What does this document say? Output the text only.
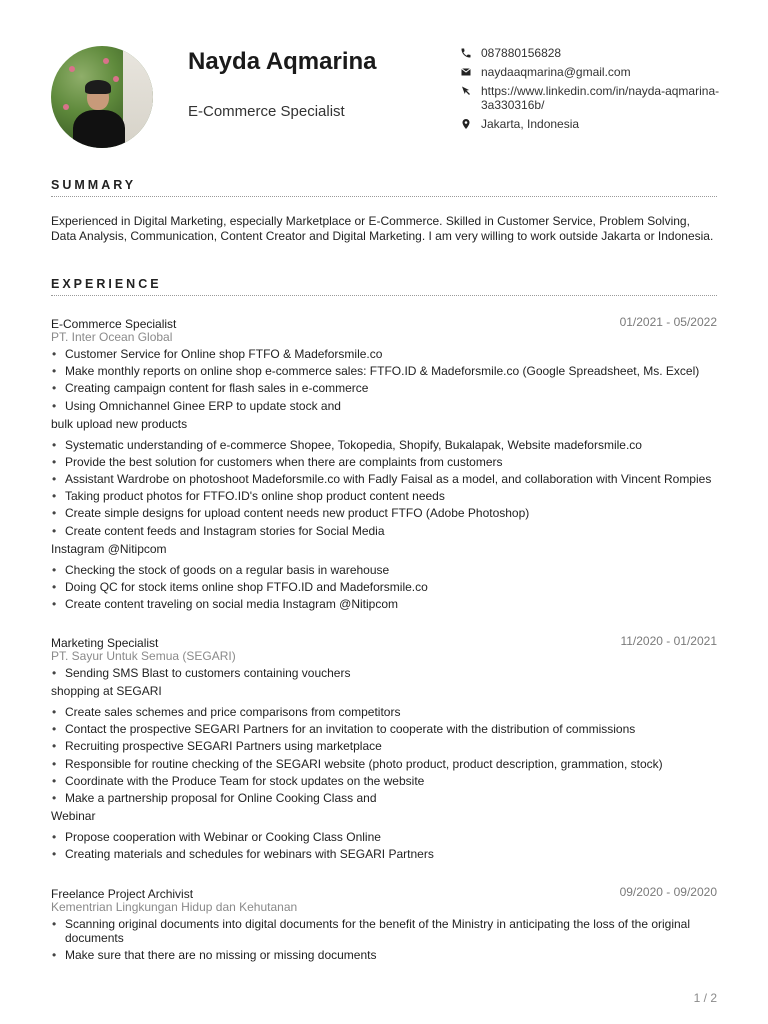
Nayda Aqmarina
E-Commerce Specialist
087880156828
naydaaqmarina@gmail.com
https://www.linkedin.com/in/nayda-aqmarina-3a330316b/
Jakarta, Indonesia
SUMMARY
Experienced in Digital Marketing, especially Marketplace or E-Commerce. Skilled in Customer Service, Problem Solving, Data Analysis, Communication, Content Creator and Digital Marketing. I am very willing to work outside Jakarta or Indonesia.
EXPERIENCE
E-Commerce Specialist	01/2021 - 05/2022
PT. Inter Ocean Global
• Customer Service for Online shop FTFO & Madeforsmile.co
• Make monthly reports on online shop e-commerce sales: FTFO.ID & Madeforsmile.co (Google Spreadsheet, Ms. Excel)
• Creating campaign content for flash sales in e-commerce
• Using Omnichannel Ginee ERP to update stock and
bulk upload new products
• Systematic understanding of e-commerce Shopee, Tokopedia, Shopify, Bukalapak, Website madeforsmile.co
• Provide the best solution for customers when there are complaints from customers
• Assistant Wardrobe on photoshoot Madeforsmile.co with Fadly Faisal as a model, and collaboration with Vincent Rompies
• Taking product photos for FTFO.ID's online shop product content needs
• Create simple designs for upload content needs new product FTFO (Adobe Photoshop)
• Create content feeds and Instagram stories for Social Media
Instagram @Nitipcom
• Checking the stock of goods on a regular basis in warehouse
• Doing QC for stock items online shop FTFO.ID and Madeforsmile.co
• Create content traveling on social media Instagram @Nitipcom
Marketing Specialist	11/2020 - 01/2021
PT. Sayur Untuk Semua (SEGARI)
• Sending SMS Blast to customers containing vouchers
shopping at SEGARI
• Create sales schemes and price comparisons from competitors
• Contact the prospective SEGARI Partners for an invitation to cooperate with the distribution of commissions
• Recruiting prospective SEGARI Partners using marketplace
• Responsible for routine checking of the SEGARI website (photo product, product description, grammation, stock)
• Coordinate with the Produce Team for stock updates on the website
• Make a partnership proposal for Online Cooking Class and
Webinar
• Propose cooperation with Webinar or Cooking Class Online
• Creating materials and schedules for webinars with SEGARI Partners
Freelance Project Archivist	09/2020 - 09/2020
Kementrian Lingkungan Hidup dan Kehutanan
• Scanning original documents into digital documents for the benefit of the Ministry in anticipating the loss of the original documents
• Make sure that there are no missing or missing documents
1 / 2
